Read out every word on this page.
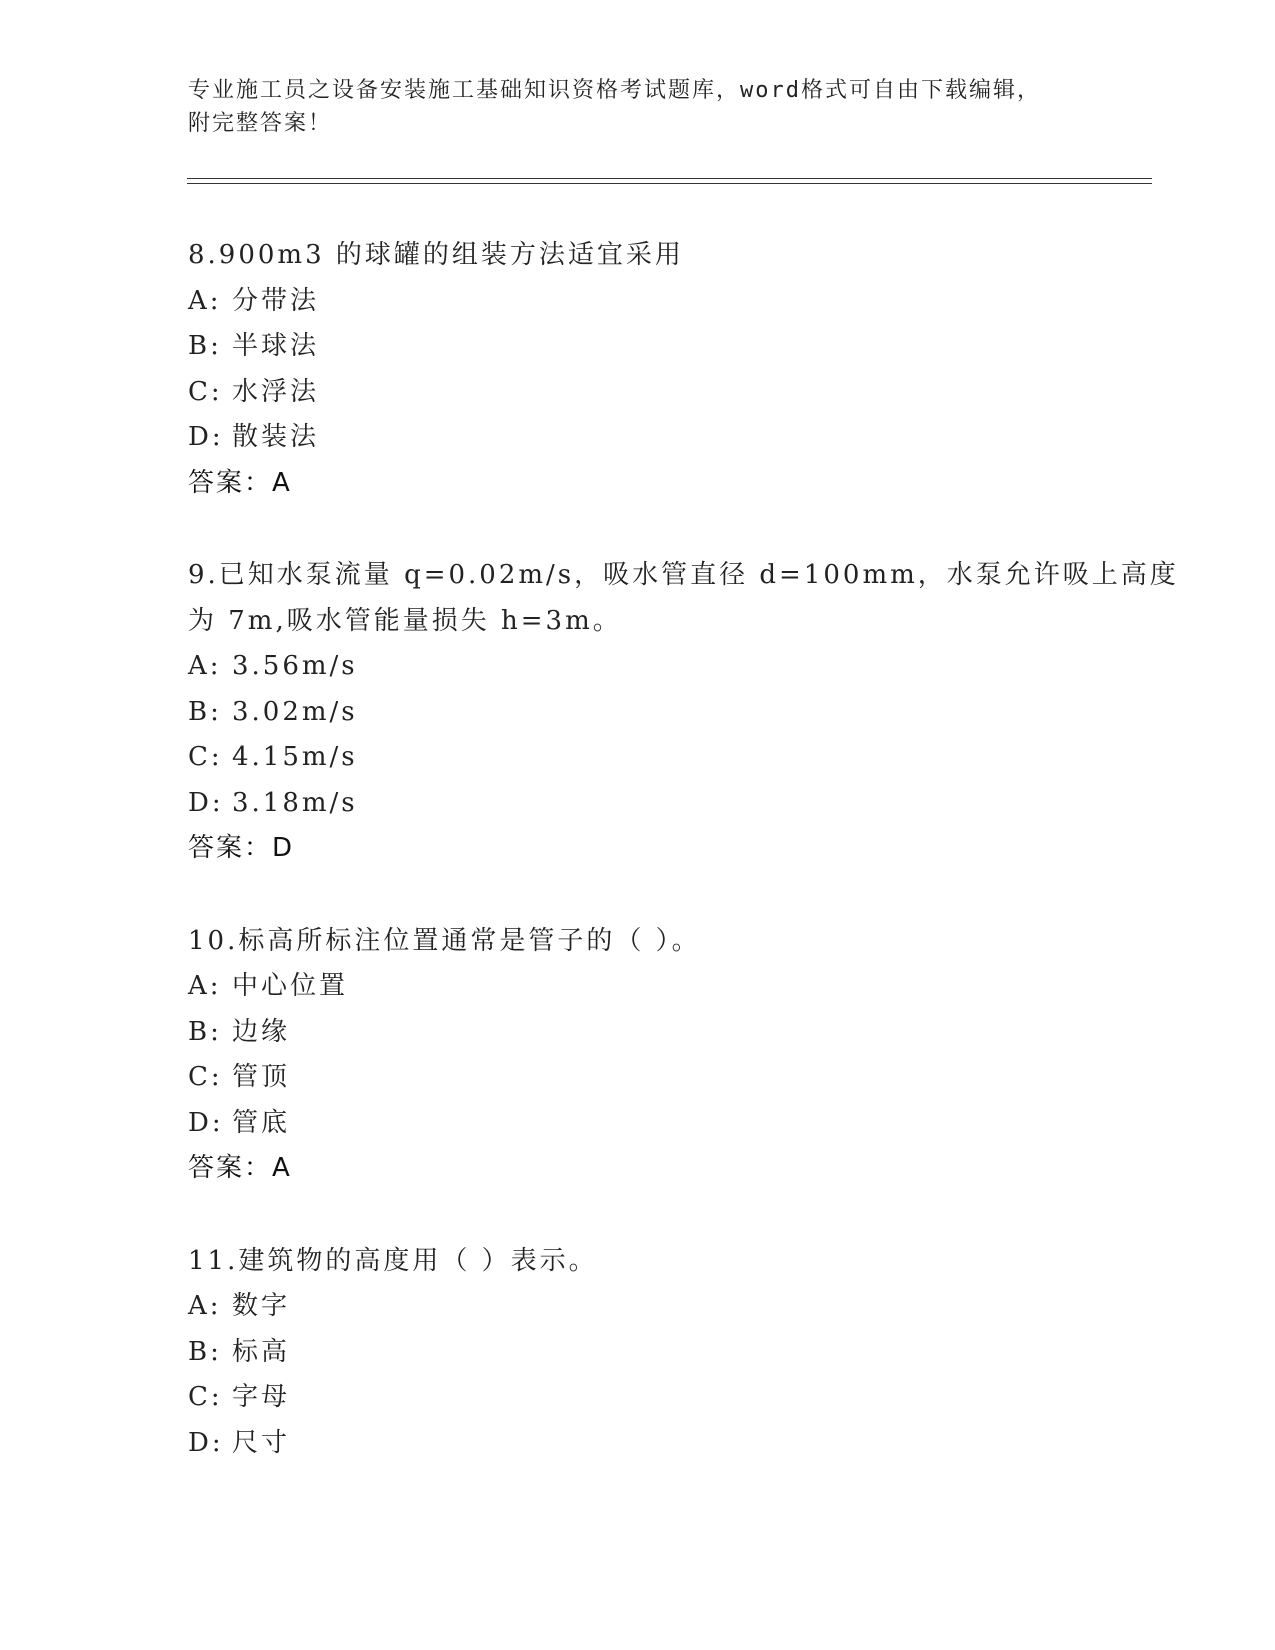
专业施工员之设备安装施工基础知识资格考试题库，word格式可自由下载编辑，
附完整答案！
8.900m3 的球罐的组装方法适宜采用
A: 分带法
B: 半球法
C: 水浮法
D: 散装法
答案：A
9.已知水泵流量 q=0.02m/s，吸水管直径 d=100mm，水泵允许吸上高度
为 7m,吸水管能量损失 h=3m。
A: 3.56m/s
B: 3.02m/s
C: 4.15m/s
D: 3.18m/s
答案：D
10.标高所标注位置通常是管子的（ ）。
A: 中心位置
B: 边缘
C: 管顶
D: 管底
答案：A
11.建筑物的高度用（ ）表示。
A: 数字
B: 标高
C: 字母
D: 尺寸
